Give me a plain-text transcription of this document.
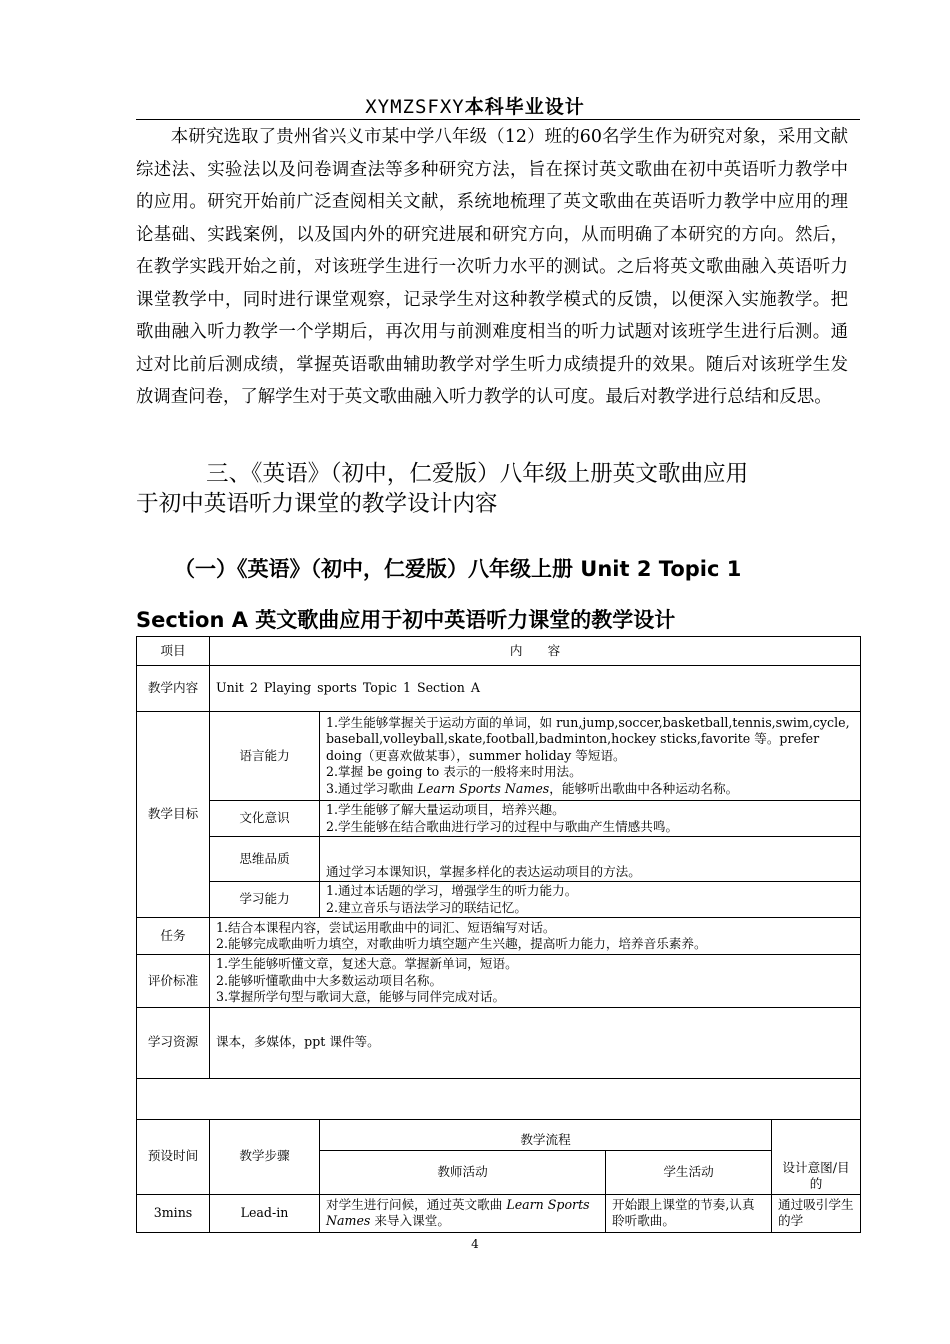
XYMZSFXY本科毕业设计

本研究选取了贵州省兴义市某中学八年级（12）班的60名学生作为研究对象，采用文献综述法、实验法以及问卷调查法等多种研究方法，旨在探讨英文歌曲在初中英语听力教学中的应用。研究开始前广泛查阅相关文献，系统地梳理了英文歌曲在英语听力教学中应用的理论基础、实践案例，以及国内外的研究进展和研究方向，从而明确了本研究的方向。然后，在教学实践开始之前，对该班学生进行一次听力水平的测试。之后将英文歌曲融入英语听力课堂教学中，同时进行课堂观察，记录学生对这种教学模式的反馈，以便深入实施教学。把歌曲融入听力教学一个学期后，再次用与前测难度相当的听力试题对该班学生进行后测。通过对比前后测成绩，掌握英语歌曲辅助教学对学生听力成绩提升的效果。随后对该班学生发放调查问卷，了解学生对于英文歌曲融入听力教学的认可度。最后对教学进行总结和反思。

三、《英语》（初中，仁爱版）八年级上册英文歌曲应用
于初中英语听力课堂的教学设计内容
（一）《英语》（初中，仁爱版）八年级上册 Unit 2 Topic 1
Section A 英文歌曲应用于初中英语听力课堂的教学设计
项目	内　　容			
教学内容	Unit 2 Playing sports Topic 1 Section A			
教学目标	语言能力	1.学生能够掌握关于运动方面的单词，如 run,jump,soccer,basketball,tennis,swim,cycle, baseball,volleyball,skate,football,badminton,hockey sticks,favorite 等。prefer doing（更喜欢做某事），summer holiday 等短语。
2.掌握 be going to 表示的一般将来时用法。
3.通过学习歌曲 Learn Sports Names，能够听出歌曲中各种运动名称。		

	文化意识	1.学生能够了解大量运动项目，培养兴趣。
2.学生能够在结合歌曲进行学习的过程中与歌曲产生情感共鸣。		

	思维品质	通过学习本课知识，掌握多样化的表达运动项目的方法。		

	学习能力	1.通过本话题的学习，增强学生的听力能力。
2.建立音乐与语法学习的联结记忆。		

任务	1.结合本课程内容，尝试运用歌曲中的词汇、短语编写对话。
2.能够完成歌曲听力填空，对歌曲听力填空题产生兴趣，提高听力能力，培养音乐素养。			

评价标准	1.学生能够听懂文章，复述大意。掌握新单词，短语。
2.能够听懂歌曲中大多数运动项目名称。
3.掌握所学句型与歌词大意，能够与同伴完成对话。			

学习资源	课本，多媒体，ppt 课件等。			

预设时间	教学步骤	教学流程		设计意图/目的
		教师活动	学生活动	
3mins	Lead-in	对学生进行问候，通过英文歌曲 Learn Sports Names 来导入课堂。	开始跟上课堂的节奏,认真聆听歌曲。	通过吸引学生的学
4
